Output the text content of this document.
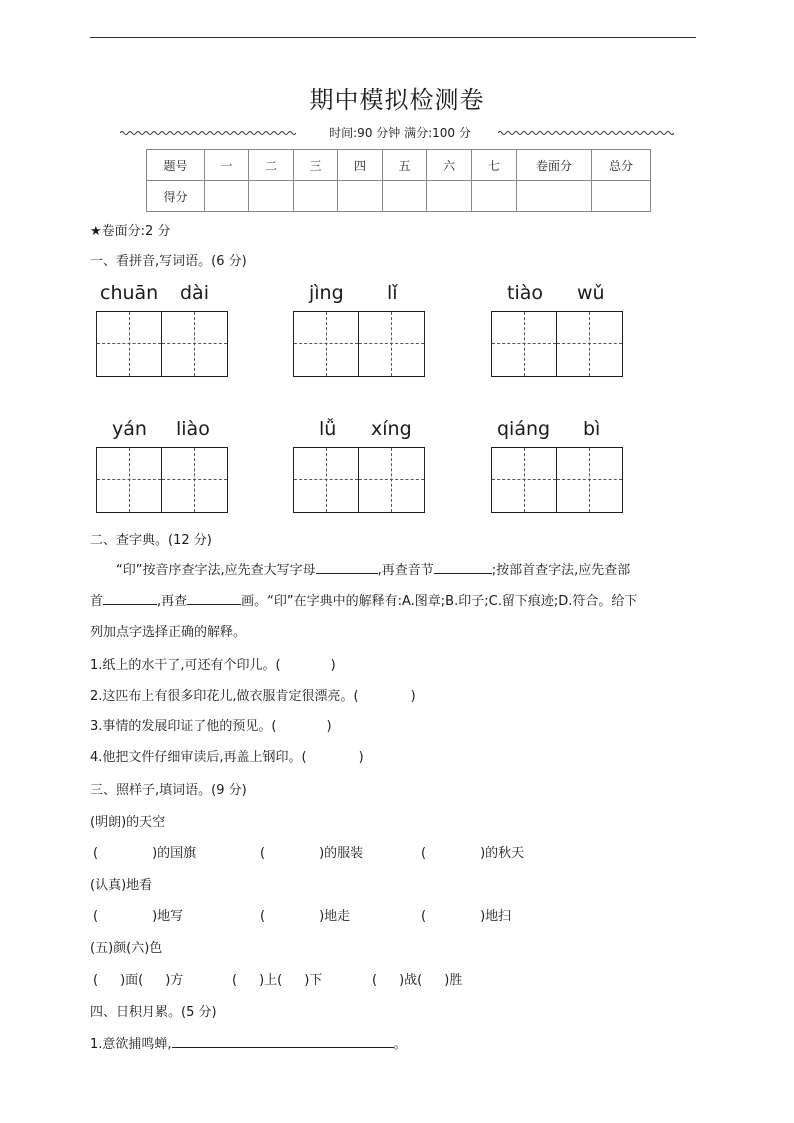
期中模拟检测卷
时间:90 分钟 满分:100 分
题号	一	二	三	四	五	六	七	卷面分	总分
得分									
★卷面分:2 分
一、看拼音,写词语。(6 分)
chuān dài	jìng lǐ	tiào wǔ
yán liào	lǚ xíng	qiáng bì
二、查字典。(12 分)
“印”按音序查字法,应先查大写字母	,再查音节	;按部首查字法,应先查部
首	,再查	画。“印”在字典中的解释有:A.图章;B.印子;C.留下痕迹;D.符合。给下
列加点字选择正确的解释。
1.纸上的水干了,可还有个印儿。(	)
2.这匹布上有很多印花儿,做衣服肯定很漂亮。(	)
3.事情的发展印证了他的预见。(	)
4.他把文件仔细审读后,再盖上钢印。(	)
三、照样子,填词语。(9 分)
(明朗)的天空
(	)的国旗	(	)的服装	(	)的秋天
(认真)地看
(	)地写	(	)地走	(	)地扫
(五)颜(六)色
( )面( )方	( )上( )下	( )战( )胜
四、日积月累。(5 分)
1.意欲捕鸣蝉,	。
